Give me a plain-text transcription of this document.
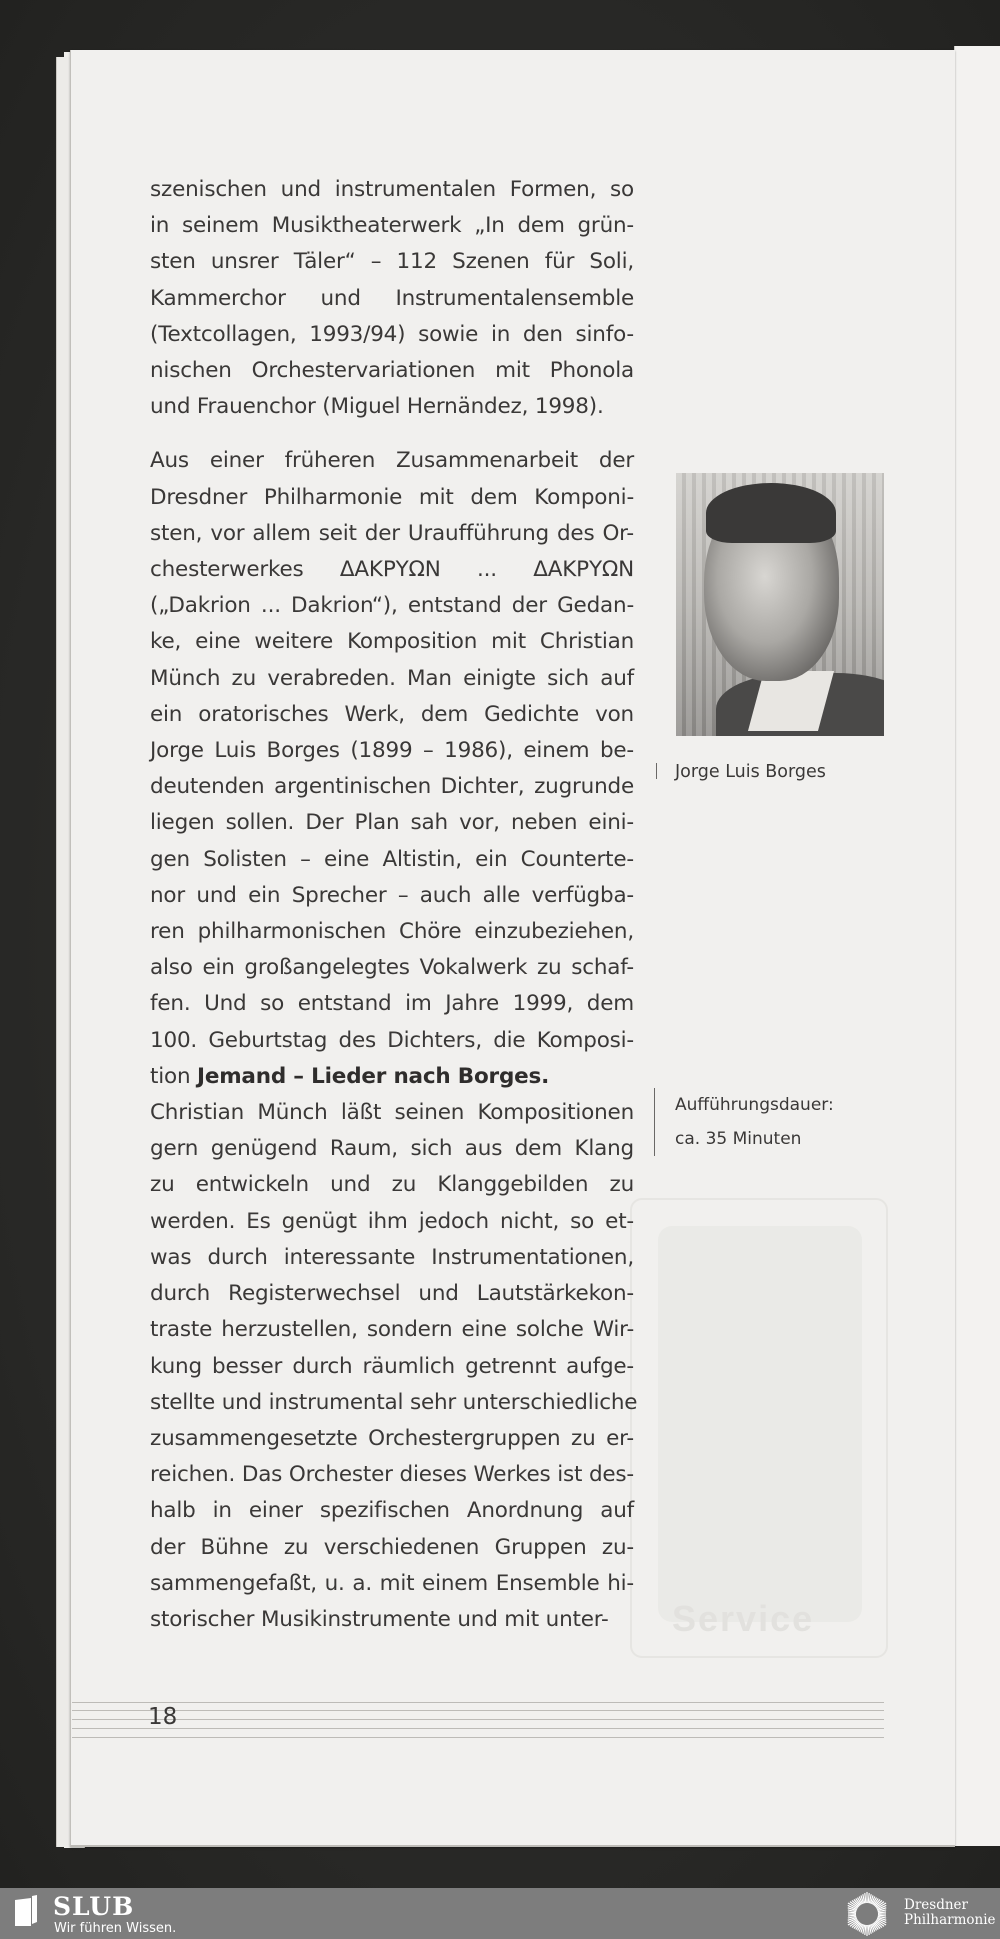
Service

szenischen und instrumentalen Formen, so
in seinem Musiktheaterwerk „In dem grün-
sten unsrer Täler“ – 112 Szenen für Soli,
Kammerchor und Instrumentalensemble
(Textcollagen, 1993/94) sowie in den sinfo-
nischen Orchestervariationen mit Phonola
und Frauenchor (Miguel Hernändez, 1998).

Aus einer früheren Zusammenarbeit der
Dresdner Philharmonie mit dem Komponi-
sten, vor allem seit der Uraufführung des Or-
chesterwerkes ΔΑΚΡΥΩΝ ... ΔΑΚΡΥΩΝ
(„Dakrion ... Dakrion“), entstand der Gedan-
ke, eine weitere Komposition mit Christian
Münch zu verabreden. Man einigte sich auf
ein oratorisches Werk, dem Gedichte von
Jorge Luis Borges (1899 – 1986), einem be-
deutenden argentinischen Dichter, zugrunde
liegen sollen. Der Plan sah vor, neben eini-
gen Solisten – eine Altistin, ein Counterte-
nor und ein Sprecher – auch alle verfügba-
ren philharmonischen Chöre einzubeziehen,
also ein großangelegtes Vokalwerk zu schaf-
fen. Und so entstand im Jahre 1999, dem
100. Geburtstag des Dichters, die Komposi-
tion Jemand – Lieder nach Borges.
Christian Münch läßt seinen Kompositionen
gern genügend Raum, sich aus dem Klang
zu entwickeln und zu Klanggebilden zu
werden. Es genügt ihm jedoch nicht, so et-
was durch interessante Instrumentationen,
durch Registerwechsel und Lautstärkekon-
traste herzustellen, sondern eine solche Wir-
kung besser durch räumlich getrennt aufge-
stellte und instrumental sehr unterschiedliche
zusammengesetzte Orchestergruppen zu er-
reichen. Das Orchester dieses Werkes ist des-
halb in einer spezifischen Anordnung auf
der Bühne zu verschiedenen Gruppen zu-
sammengefaßt, u. a. mit einem Ensemble hi-
storischer Musikinstrumente und mit unter-

Jorge Luis Borges
Aufführungsdauer:
ca. 35 Minuten
18
SLUB
Wir führen Wissen.
Dresdner
Philharmonie
